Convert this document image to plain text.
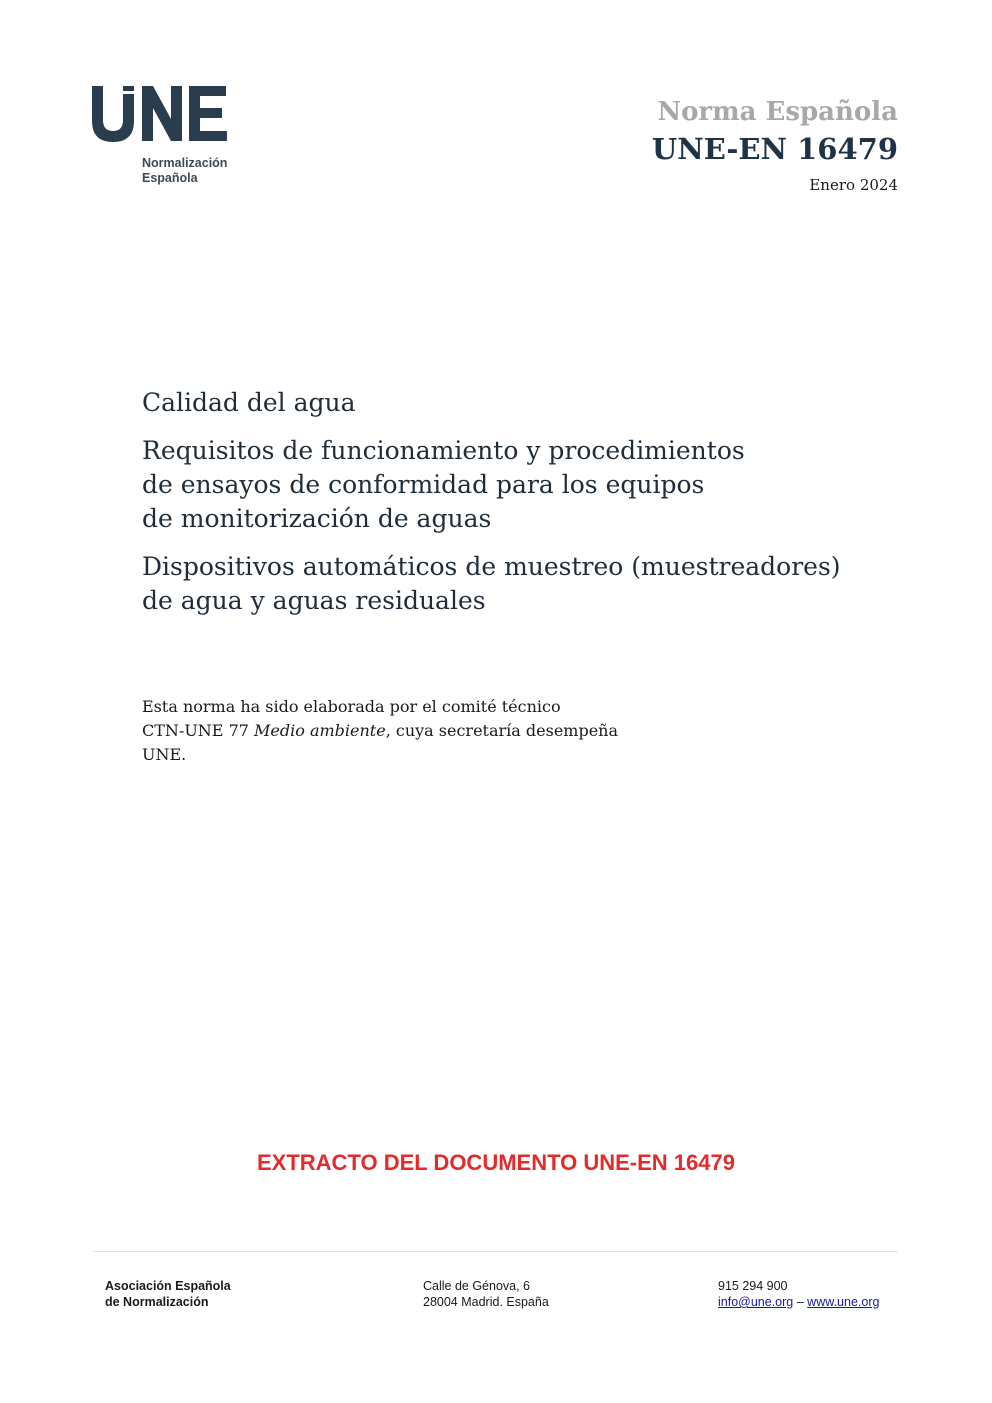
Normalización
Española
Norma Española
UNE-EN 16479
Enero 2024
Calidad del agua
Requisitos de funcionamiento y procedimientos
de ensayos de conformidad para los equipos
de monitorización de aguas
Dispositivos automáticos de muestreo (muestreadores)
de agua y aguas residuales
Esta norma ha sido elaborada por el comité técnico
CTN-UNE 77 Medio ambiente, cuya secretaría desempeña
UNE.
EXTRACTO DEL DOCUMENTO UNE-EN 16479
Asociación Española
de Normalización
Calle de Génova, 6
28004 Madrid. España
915 294 900
info@une.org – www.une.org
